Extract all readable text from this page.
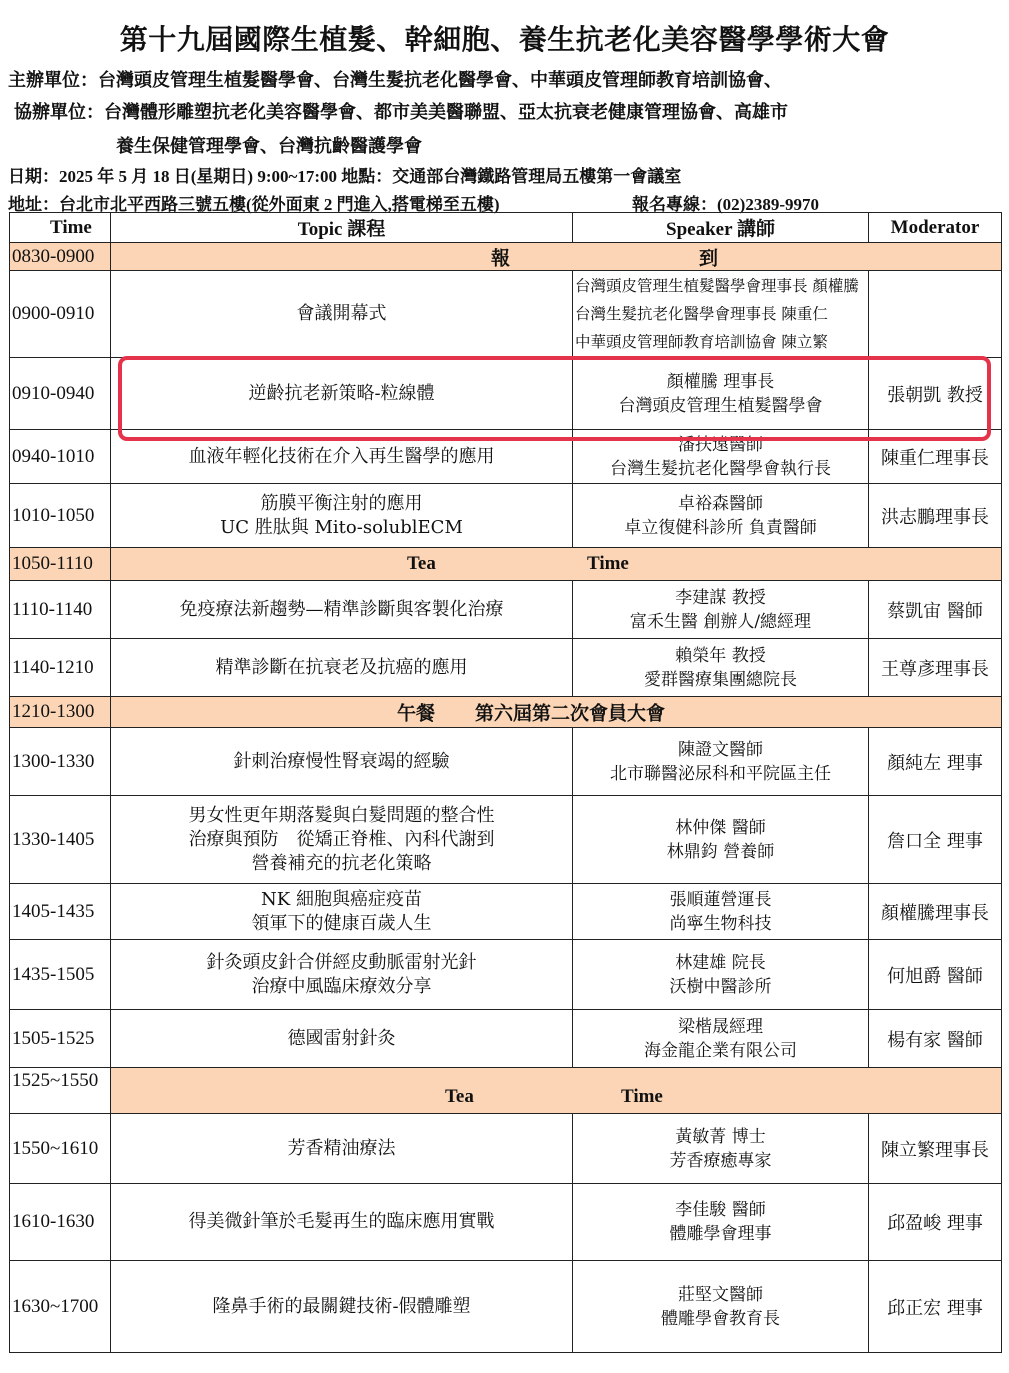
第十九屆國際生植髮、幹細胞、養生抗老化美容醫學學術大會
主辦單位：台灣頭皮管理生植髮醫學會、台灣生髮抗老化醫學會、中華頭皮管理師教育培訓協會、
協辦單位：台灣體形雕塑抗老化美容醫學會、都市美美醫聯盟、亞太抗衰老健康管理協會、高雄市
養生保健管理學會、台灣抗齡醫護學會
日期：2025 年 5 月 18 日(星期日) 9:00~17:00 地點：交通部台灣鐵路管理局五樓第一會議室
地址：台北市北平西路三號五樓(從外面東 2 門進入,搭電梯至五樓)	報名專線：(02)2389-9970
Time	Topic 課程	Speaker 講師	Moderator
0830-0900	報 到		

0900-0910	會議開幕式	台灣頭皮管理生植髮醫學會理事長 顏權騰
台灣生髮抗老化醫學會理事長 陳重仁
中華頭皮管理師教育培訓協會 陳立繁	

0910-0940	逆齡抗老新策略-粒線體	顏權騰 理事長
台灣頭皮管理生植髮醫學會	張朝凱 教授
0940-1010	血液年輕化技術在介入再生醫學的應用	潘扶遠醫師
台灣生髮抗老化醫學會執行長	陳重仁理事長
1010-1050	筋膜平衡注射的應用
UC 胜肽與 Mito-solublECM	卓裕森醫師
卓立復健科診所 負責醫師	洪志鵬理事長
1050-1110	Tea Time		

1110-1140	免疫療法新趨勢—精準診斷與客製化治療	李建謀 教授
富禾生醫 創辦人/總經理	蔡凱宙 醫師
1140-1210	精準診斷在抗衰老及抗癌的應用	賴榮年 教授
愛群醫療集團總院長	王尊彥理事長
1210-1300	午餐 第六屆第二次會員大會		

1300-1330	針刺治療慢性腎衰竭的經驗	陳證文醫師
北市聯醫泌尿科和平院區主任	顏純左 理事
1330-1405	男女性更年期落髮與白髮問題的整合性
治療與預防　從矯正脊椎、內科代謝到
營養補充的抗老化策略	林仲傑 醫師
林鼎鈞 營養師	詹口全 理事
1405-1435	NK 細胞與癌症疫苗
領軍下的健康百歲人生	張順蓮營運長
尚寧生物科技	顏權騰理事長
1435-1505	針灸頭皮針合併經皮動脈雷射光針
治療中風臨床療效分享	林建雄 院長
沃樹中醫診所	何旭爵 醫師
1505-1525	德國雷射針灸	梁楷晟經理
海金龍企業有限公司	楊有家 醫師
1525~1550	Tea Time		

1550~1610	芳香精油療法	黃敏菁 博士
芳香療癒專家	陳立繁理事長
1610-1630	得美微針筆於毛髮再生的臨床應用實戰	李佳駿 醫師
體雕學會理事	邱盈峻 理事
1630~1700	隆鼻手術的最關鍵技術-假體雕塑	莊堅文醫師
體雕學會教育長	邱正宏 理事
